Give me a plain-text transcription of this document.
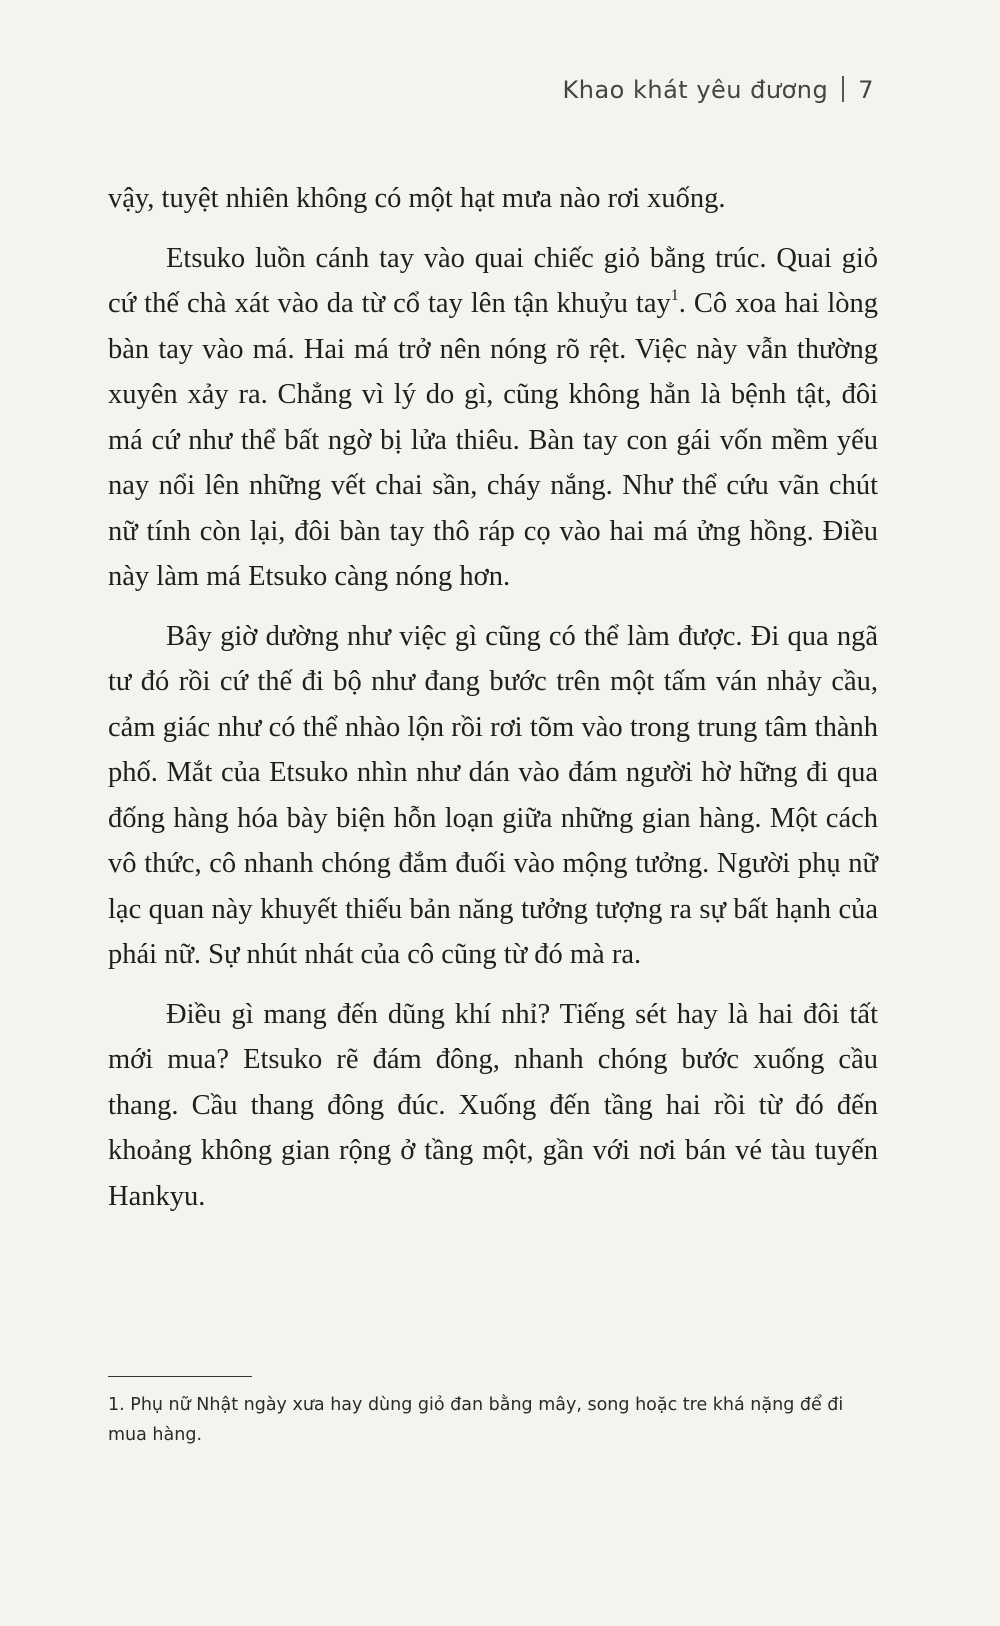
Khao khát yêu đương 7

vậy, tuyệt nhiên không có một hạt mưa nào rơi xuống.

Etsuko luồn cánh tay vào quai chiếc giỏ bằng trúc. Quai giỏ cứ thế chà xát vào da từ cổ tay lên tận khuỷu tay$^1$. Cô xoa hai lòng bàn tay vào má. Hai má trở nên nóng rõ rệt. Việc này vẫn thường xuyên xảy ra. Chẳng vì lý do gì, cũng không hẳn là bệnh tật, đôi má cứ như thể bất ngờ bị lửa thiêu. Bàn tay con gái vốn mềm yếu nay nổi lên những vết chai sần, cháy nắng. Như thể cứu vãn chút nữ tính còn lại, đôi bàn tay thô ráp cọ vào hai má ửng hồng. Điều này làm má Etsuko càng nóng hơn.

Bây giờ dường như việc gì cũng có thể làm được. Đi qua ngã tư đó rồi cứ thế đi bộ như đang bước trên một tấm ván nhảy cầu, cảm giác như có thể nhào lộn rồi rơi tõm vào trong trung tâm thành phố. Mắt của Etsuko nhìn như dán vào đám người hờ hững đi qua đống hàng hóa bày biện hỗn loạn giữa những gian hàng. Một cách vô thức, cô nhanh chóng đắm đuối vào mộng tưởng. Người phụ nữ lạc quan này khuyết thiếu bản năng tưởng tượng ra sự bất hạnh của phái nữ. Sự nhút nhát của cô cũng từ đó mà ra.

Điều gì mang đến dũng khí nhỉ? Tiếng sét hay là hai đôi tất mới mua? Etsuko rẽ đám đông, nhanh chóng bước xuống cầu thang. Cầu thang đông đúc. Xuống đến tầng hai rồi từ đó đến khoảng không gian rộng ở tầng một, gần với nơi bán vé tàu tuyến Hankyu.

1. Phụ nữ Nhật ngày xưa hay dùng giỏ đan bằng mây, song hoặc tre khá nặng để đi mua hàng.
